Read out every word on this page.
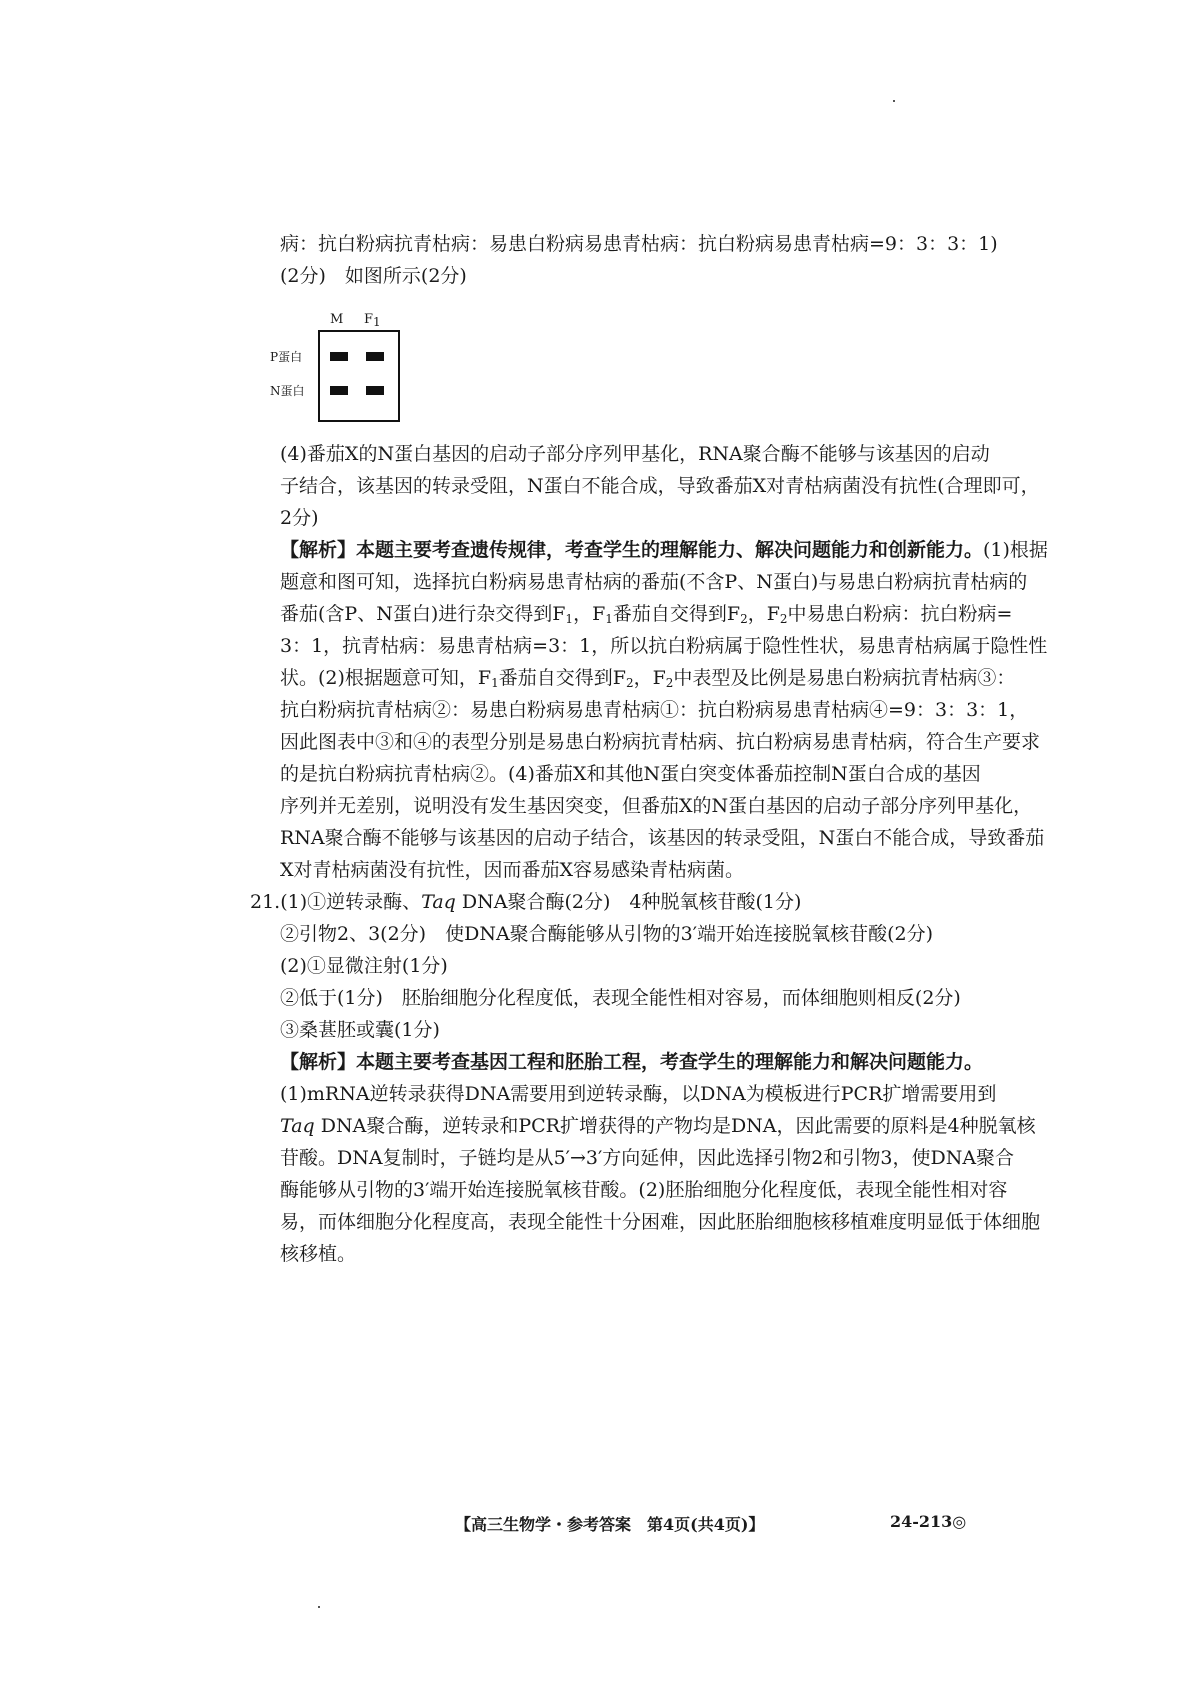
病：抗白粉病抗青枯病：易患白粉病易患青枯病：抗白粉病易患青枯病=9：3：3：1)
(2分)　如图所示(2分)
M $F_1$
P蛋白
N蛋白
(4)番茄X的N蛋白基因的启动子部分序列甲基化，RNA聚合酶不能够与该基因的启动
子结合，该基因的转录受阻，N蛋白不能合成，导致番茄X对青枯病菌没有抗性(合理即可，
2分)
【解析】本题主要考查遗传规律，考查学生的理解能力、解决问题能力和创新能力。(1)根据
题意和图可知，选择抗白粉病易患青枯病的番茄(不含P、N蛋白)与易患白粉病抗青枯病的
番茄(含P、N蛋白)进行杂交得到$F_1$，$F_1$番茄自交得到$F_2$，$F_2$中易患白粉病：抗白粉病=
3：1，抗青枯病：易患青枯病=3：1，所以抗白粉病属于隐性性状，易患青枯病属于隐性性
状。(2)根据题意可知，$F_1$番茄自交得到$F_2$，$F_2$中表型及比例是易患白粉病抗青枯病③：
抗白粉病抗青枯病②：易患白粉病易患青枯病①：抗白粉病易患青枯病④=9：3：3：1，
因此图表中③和④的表型分别是易患白粉病抗青枯病、抗白粉病易患青枯病，符合生产要求
的是抗白粉病抗青枯病②。(4)番茄X和其他N蛋白突变体番茄控制N蛋白合成的基因
序列并无差别，说明没有发生基因突变，但番茄X的N蛋白基因的启动子部分序列甲基化，
RNA聚合酶不能够与该基因的启动子结合，该基因的转录受阻，N蛋白不能合成，导致番茄
X对青枯病菌没有抗性，因而番茄X容易感染青枯病菌。
21.(1)①逆转录酶、Taq DNA聚合酶(2分)　4种脱氧核苷酸(1分)
②引物2、3(2分)　使DNA聚合酶能够从引物的3′端开始连接脱氧核苷酸(2分)
(2)①显微注射(1分)
②低于(1分)　胚胎细胞分化程度低，表现全能性相对容易，而体细胞则相反(2分)
③桑葚胚或囊(1分)
【解析】本题主要考查基因工程和胚胎工程，考查学生的理解能力和解决问题能力。
(1)mRNA逆转录获得DNA需要用到逆转录酶，以DNA为模板进行PCR扩增需要用到
Taq DNA聚合酶，逆转录和PCR扩增获得的产物均是DNA，因此需要的原料是4种脱氧核
苷酸。DNA复制时，子链均是从5′→3′方向延伸，因此选择引物2和引物3，使DNA聚合
酶能够从引物的3′端开始连接脱氧核苷酸。(2)胚胎细胞分化程度低，表现全能性相对容
易，而体细胞分化程度高，表现全能性十分困难，因此胚胎细胞核移植难度明显低于体细胞
核移植。
【高三生物学・参考答案　第4页(共4页)】	24-213◎
